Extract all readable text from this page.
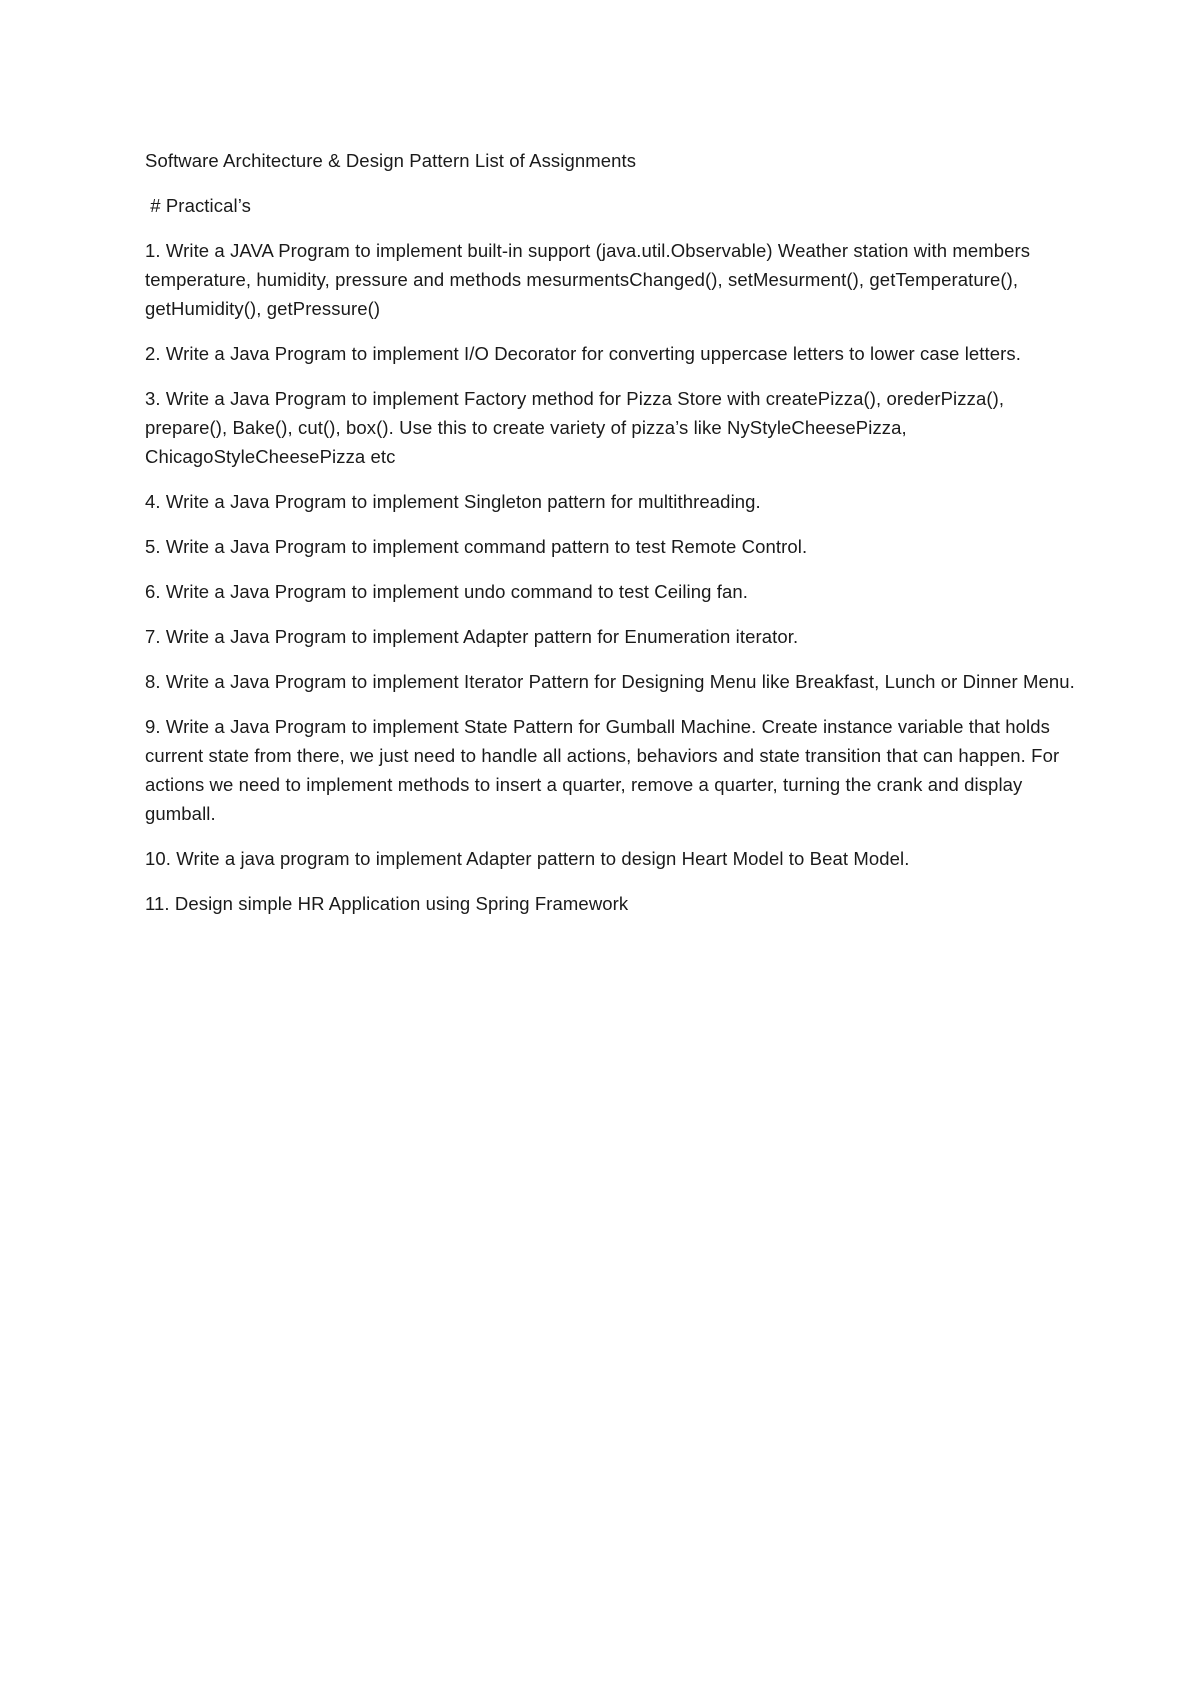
Software Architecture & Design Pattern List of Assignments

# Practical’s

1. Write a JAVA Program to implement built-in support (java.util.Observable) Weather station with members temperature, humidity, pressure and methods mesurmentsChanged(), setMesurment(), getTemperature(), getHumidity(), getPressure()

2. Write a Java Program to implement I/O Decorator for converting uppercase letters to lower case letters.

3. Write a Java Program to implement Factory method for Pizza Store with createPizza(), orederPizza(), prepare(), Bake(), cut(), box(). Use this to create variety of pizza’s like NyStyleCheesePizza, ChicagoStyleCheesePizza etc

4. Write a Java Program to implement Singleton pattern for multithreading.

5. Write a Java Program to implement command pattern to test Remote Control.

6. Write a Java Program to implement undo command to test Ceiling fan.

7. Write a Java Program to implement Adapter pattern for Enumeration iterator.

8. Write a Java Program to implement Iterator Pattern for Designing Menu like Breakfast, Lunch or Dinner Menu.

9. Write a Java Program to implement State Pattern for Gumball Machine. Create instance variable that holds current state from there, we just need to handle all actions, behaviors and state transition that can happen. For actions we need to implement methods to insert a quarter, remove a quarter, turning the crank and display gumball.

10. Write a java program to implement Adapter pattern to design Heart Model to Beat Model.

11. Design simple HR Application using Spring Framework
